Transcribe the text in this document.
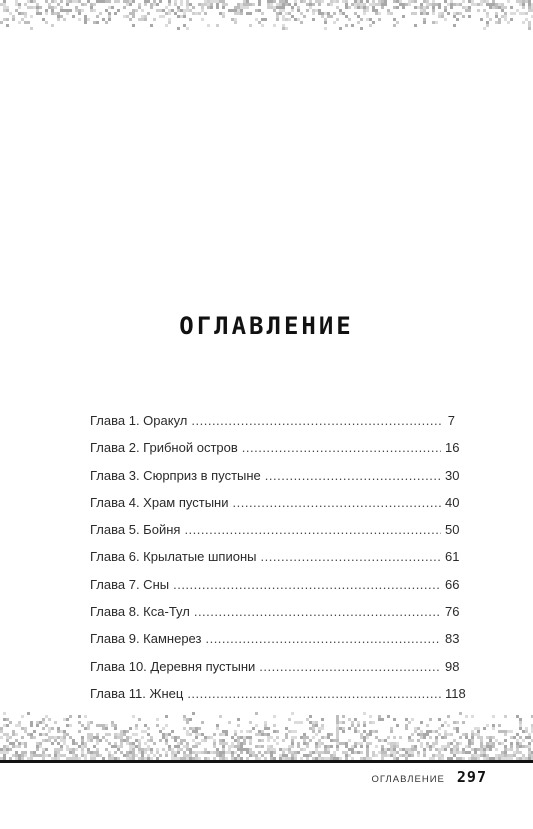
ОГЛАВЛЕНИЕ
Глава 1. Оракул .....	7
Глава 2. Грибной остров .....	16
Глава 3. Сюрприз в пустыне .....	30
Глава 4. Храм пустыни .....	40
Глава 5. Бойня .....	50
Глава 6. Крылатые шпионы .....	61
Глава 7. Сны .....	66
Глава 8. Кса-Тул .....	76
Глава 9. Камнерез .....	83
Глава 10. Деревня пустыни .....	98
Глава 11. Жнец .....	118
ОГЛАВЛЕНИЕ 297
